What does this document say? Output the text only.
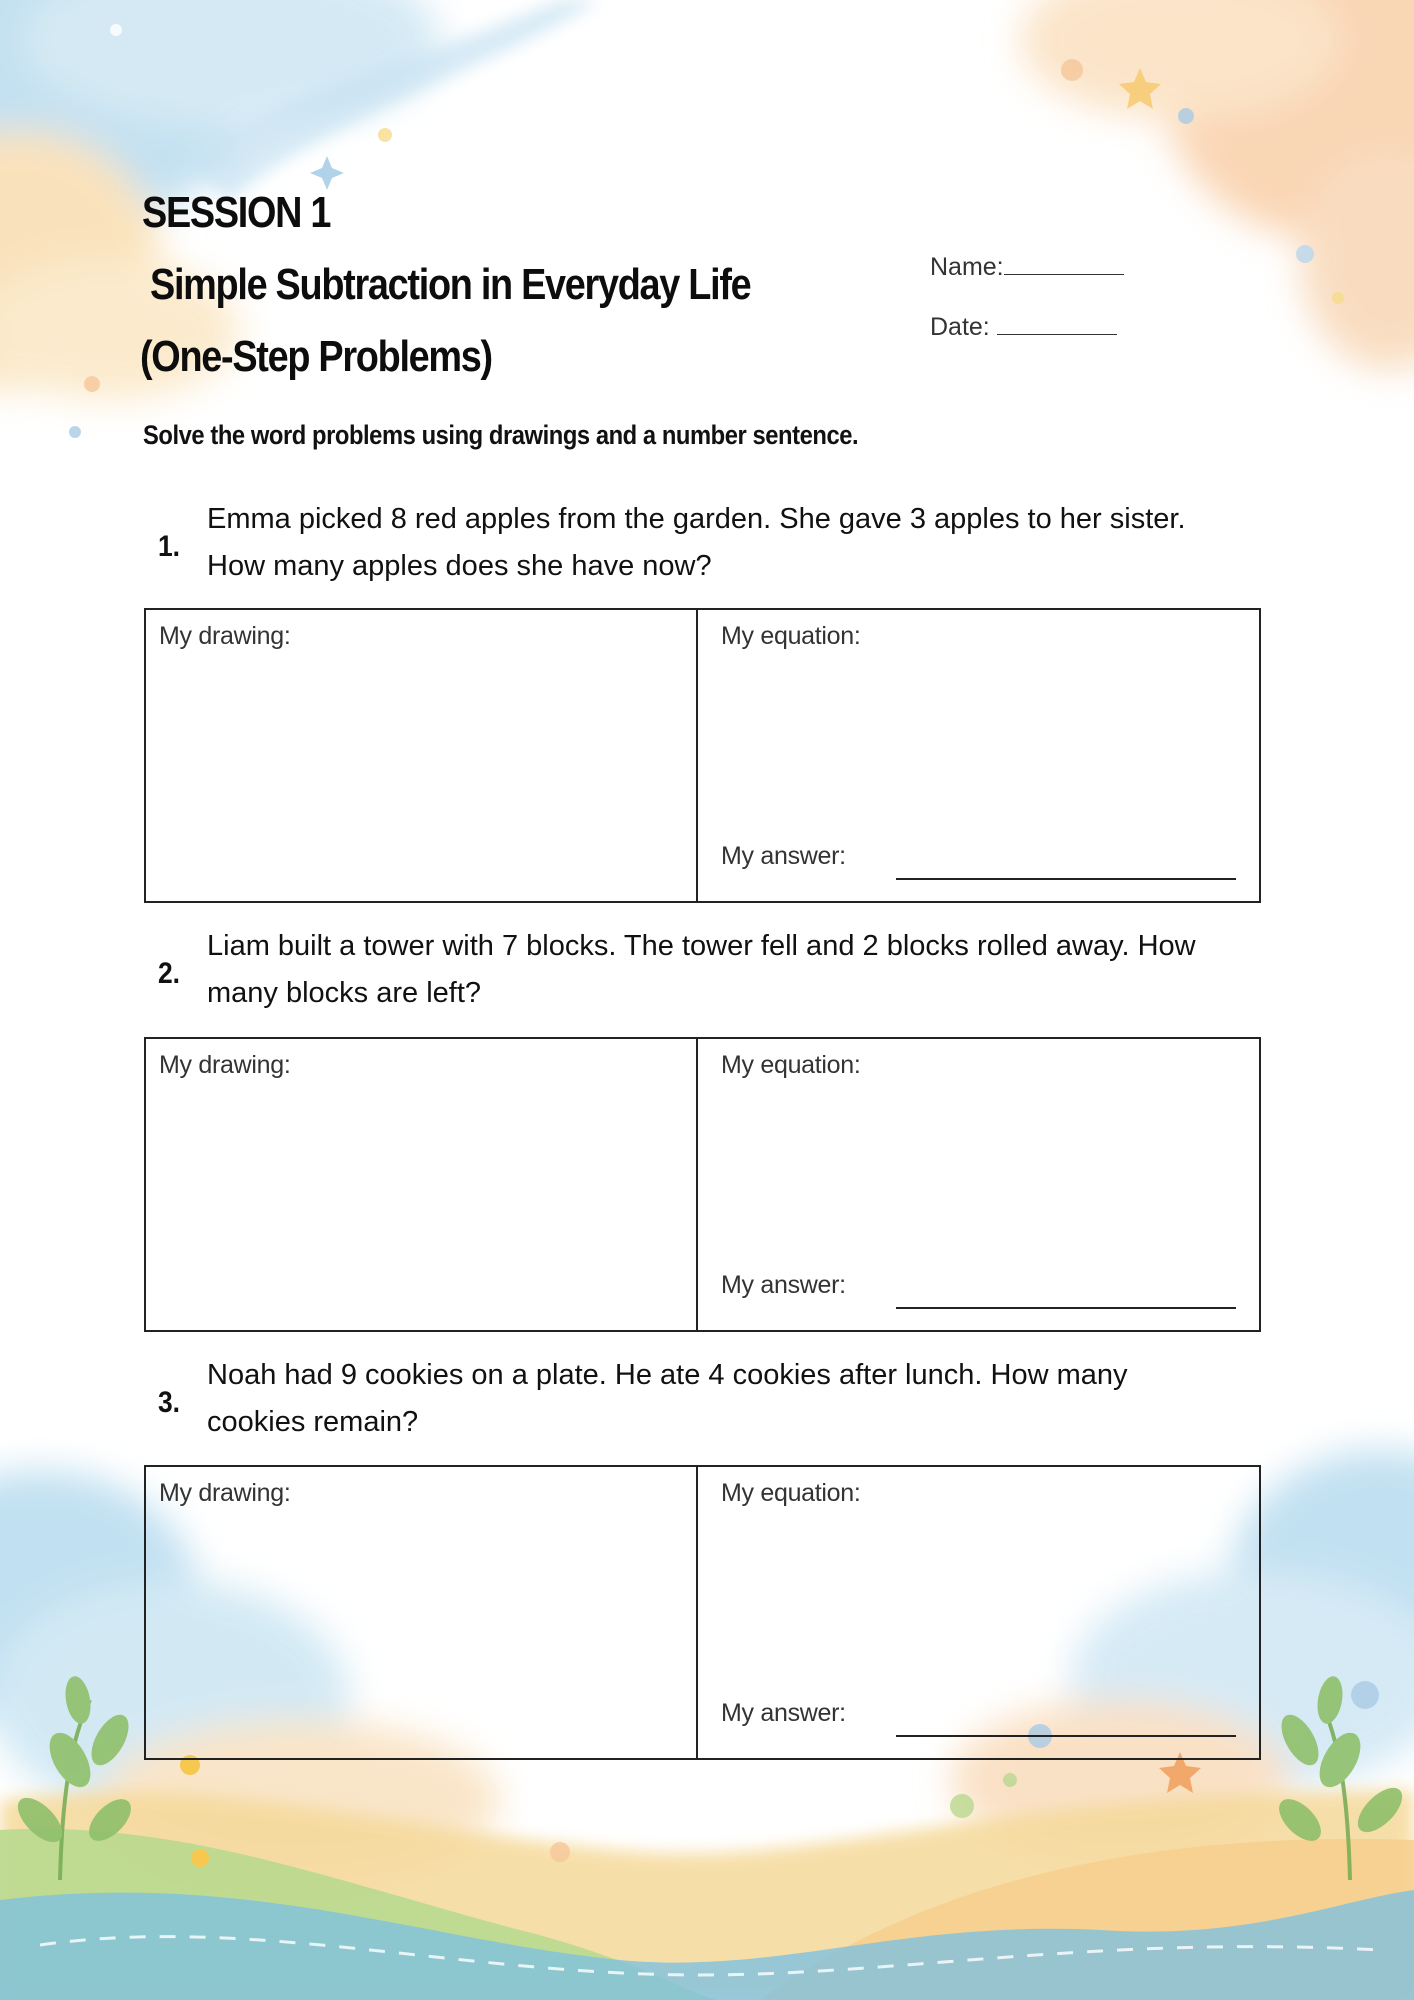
SESSION 1
Simple Subtraction in Everyday Life
(One-Step Problems)
Name:
Date:

Solve the word problems using drawings and a number sentence.

1.

Emma picked 8 red apples from the garden. She gave 3 apples to her sister.
How many apples does she have now?

My drawing:	My equation:
My answer:
2.

Liam built a tower with 7 blocks. The tower fell and 2 blocks rolled away. How
many blocks are left?

My drawing:	My equation:
My answer:
3.

Noah had 9 cookies on a plate. He ate 4 cookies after lunch. How many
cookies remain?

My drawing:	My equation:
My answer:
